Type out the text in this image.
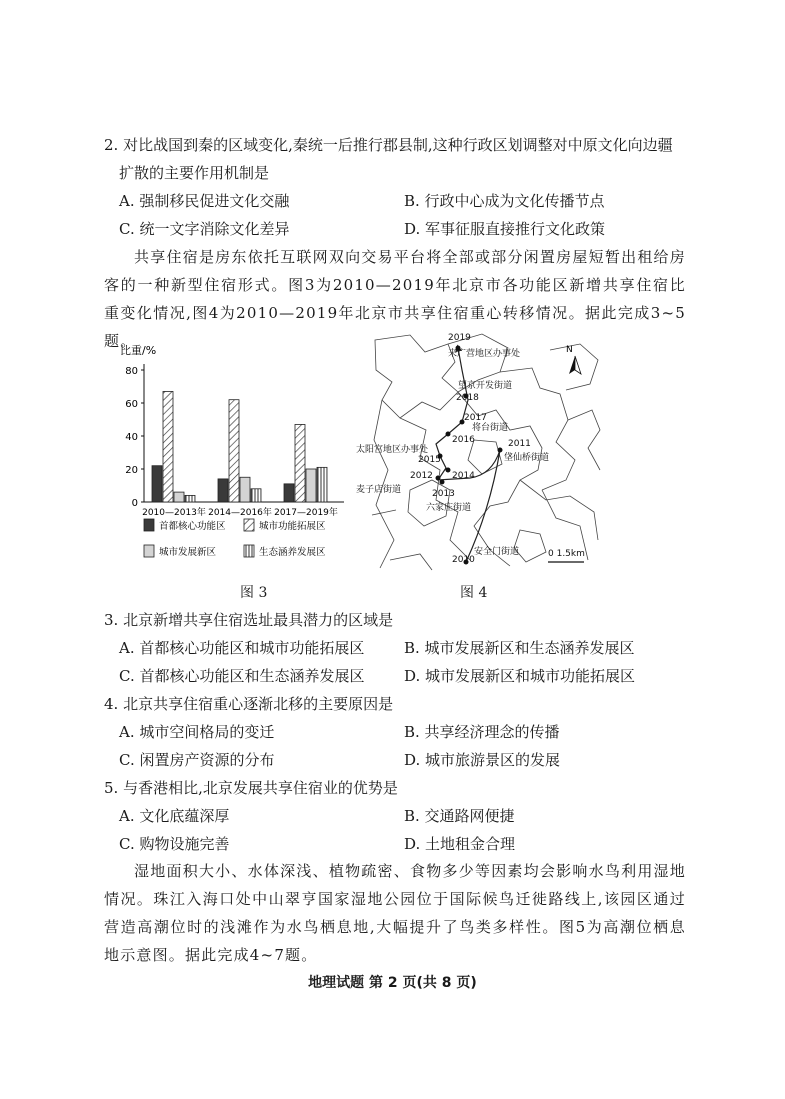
2. 对比战国到秦的区域变化,秦统一后推行郡县制,这种行政区划调整对中原文化向边疆
扩散的主要作用机制是
A. 强制移民促进文化交融	B. 行政中心成为文化传播节点
C. 统一文字消除文化差异	D. 军事征服直接推行文化政策
共享住宿是房东依托互联网双向交易平台将全部或部分闲置房屋短暂出租给房客的一种新型住宿形式。图3为2010—2019年北京市各功能区新增共享住宿比重变化情况,图4为2010—2019年北京市共享住宿重心转移情况。据此完成3~5题。
比重/%
0
20
40
60
80
2010—2013年 2014—2016年 2017—2019年
首都核心功能区	城市功能拓展区
城市发展新区	生态涵养发展区
2019
来广营地区办事处
望京开发街道
2018
2017
将台街道
2016
太阳宫地区办事处
2015
2011
垡仙桥街道
2012 2014
麦子店街道	2013
六家庄街道
2010
安全门街道	0 1.5km
N
图 3	图 4
3. 北京新增共享住宿选址最具潜力的区域是
A. 首都核心功能区和城市功能拓展区	B. 城市发展新区和生态涵养发展区
C. 首都核心功能区和生态涵养发展区	D. 城市发展新区和城市功能拓展区
4. 北京共享住宿重心逐渐北移的主要原因是
A. 城市空间格局的变迁	B. 共享经济理念的传播
C. 闲置房产资源的分布	D. 城市旅游景区的发展
5. 与香港相比,北京发展共享住宿业的优势是
A. 文化底蕴深厚	B. 交通路网便捷
C. 购物设施完善	D. 土地租金合理
湿地面积大小、水体深浅、植物疏密、食物多少等因素均会影响水鸟利用湿地情况。珠江入海口处中山翠亨国家湿地公园位于国际候鸟迁徙路线上,该园区通过营造高潮位时的浅滩作为水鸟栖息地,大幅提升了鸟类多样性。图5为高潮位栖息地示意图。据此完成4~7题。
地理试题 第 2 页(共 8 页)
